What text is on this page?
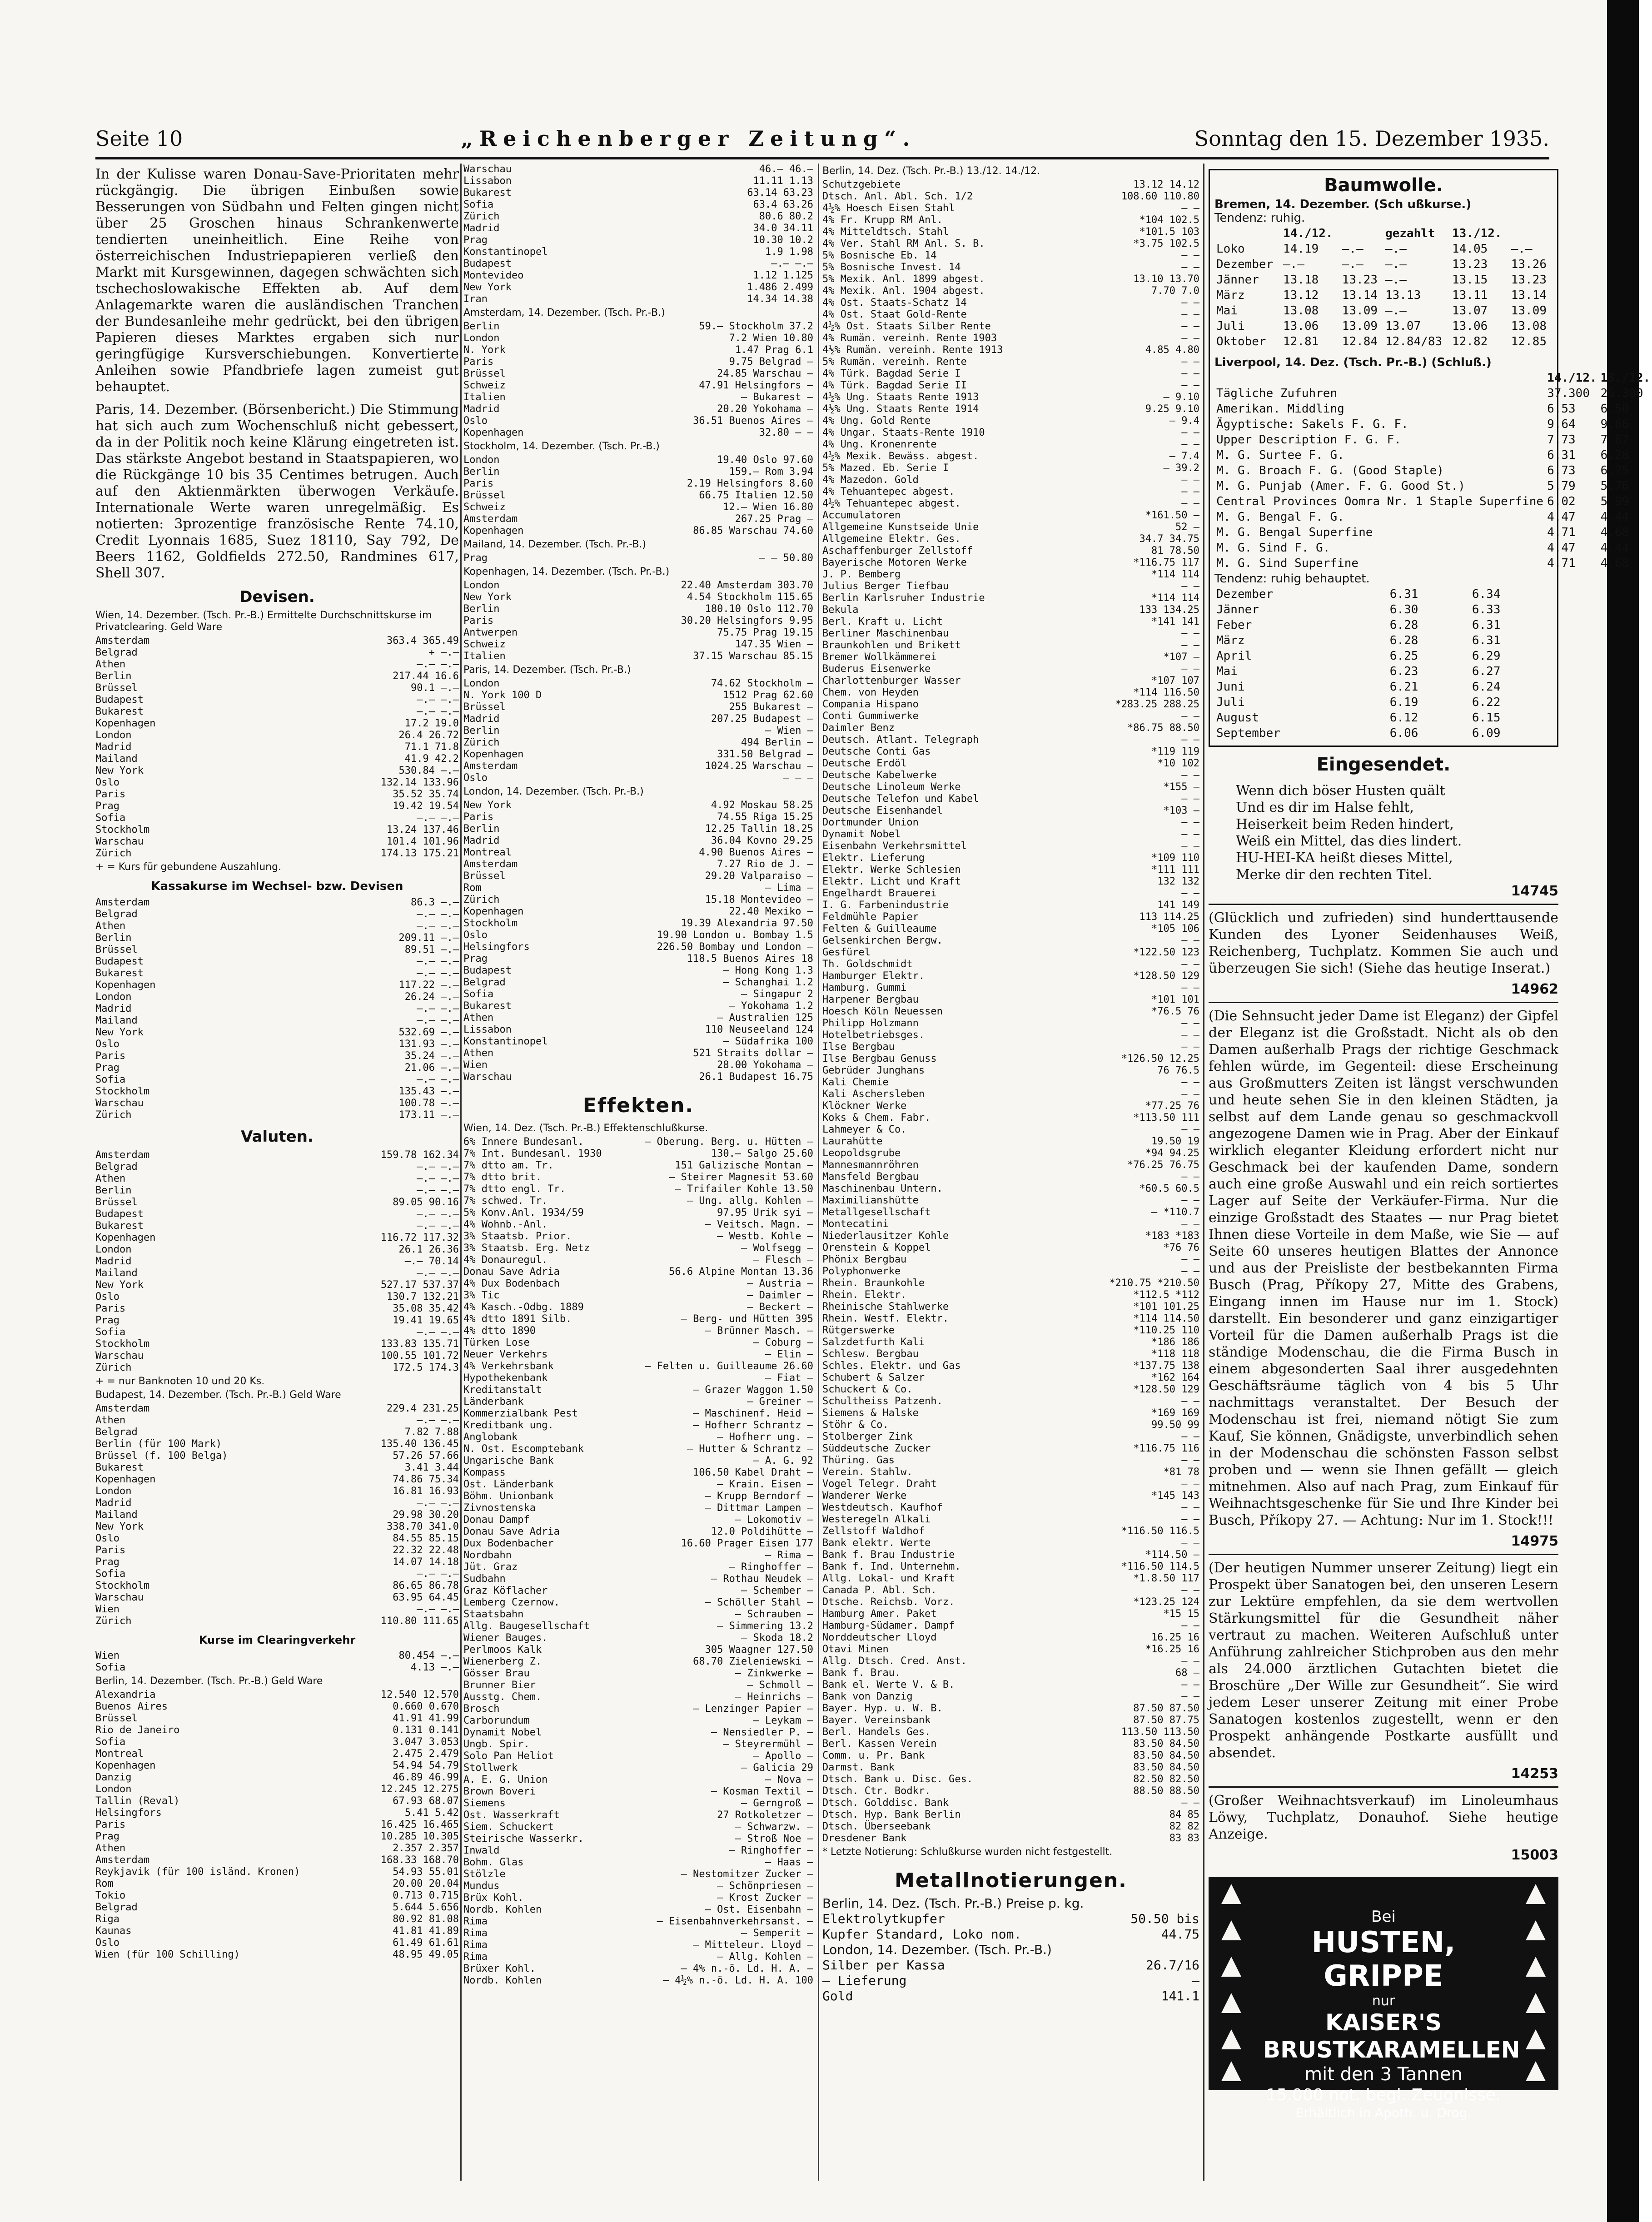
Seite 10	„Reichenberger Zeitung“.	Sonntag den 15. Dezember 1935.

In der Kulisse waren Donau-Save-Prioritaten mehr rückgängig. Die übrigen Einbußen sowie Besserungen von Südbahn und Felten gingen nicht über 25 Groschen hinaus Schrankenwerte tendierten uneinheitlich. Eine Reihe von österreichischen Industriepapieren verließ den Markt mit Kursgewinnen, dagegen schwächten sich tschechoslowakische Effekten ab. Auf dem Anlagemarkte waren die ausländischen Tranchen der Bundesanleihe mehr gedrückt, bei den übrigen Papieren dieses Marktes ergaben sich nur geringfügige Kursverschiebungen. Konvertierte Anleihen sowie Pfandbriefe lagen zumeist gut behauptet.

Paris, 14. Dezember. (Börsenbericht.) Die Stimmung hat sich auch zum Wochenschluß nicht gebessert, da in der Politik noch keine Klärung eingetreten ist. Das stärkste Angebot bestand in Staatspapieren, wo die Rückgänge 10 bis 35 Centimes betrugen. Auch auf den Aktienmärkten überwogen Verkäufe. Internationale Werte waren unregelmäßig. Es notierten: 3prozentige französische Rente 74.10, Credit Lyonnais 1685, Suez 18110, Say 792, De Beers 1162, Goldfields 272.50, Randmines 617, Shell 307.

Devisen.
Wien, 14. Dezember. (Tsch. Pr.-B.) Ermittelte Durchschnittskurse im Privatclearing. Geld Ware
Amsterdam	363.4 365.49
Belgrad	+ —.—
Athen	—.— —.—
Berlin	217.44 16.6
Brüssel	90.1 —.—
Budapest	—.— —.—
Bukarest	—.— —.—
Kopenhagen	17.2 19.0
London	26.4 26.72
Madrid	71.1 71.8
Mailand	41.9 42.2
New York	530.84 —.—
Oslo	132.14 133.96
Paris	35.52 35.74
Prag	19.42 19.54
Sofia	—.— —.—
Stockholm	13.24 137.46
Warschau	101.4 101.96
Zürich	174.13 175.21
+ = Kurs für gebundene Auszahlung.
Kassakurse im Wechsel- bzw. Devisen
Amsterdam	86.3 —.—
Belgrad	—.— —.—
Athen	—.— —.—
Berlin	209.11 —.—
Brüssel	89.51 —.—
Budapest	—.— —.—
Bukarest	—.— —.—
Kopenhagen	117.22 —.—
London	26.24 —.—
Madrid	—.— —.—
Mailand	—.— —.—
New York	532.69 —.—
Oslo	131.93 —.—
Paris	35.24 —.—
Prag	21.06 —.—
Sofia	—.— —.—
Stockholm	135.43 —.—
Warschau	100.78 —.—
Zürich	173.11 —.—
Valuten.
Amsterdam	159.78 162.34
Belgrad	—.— —.—
Athen	—.— —.—
Berlin	—.— —.—
Brüssel	89.05 90.16
Budapest	—.— —.—
Bukarest	—.— —.—
Kopenhagen	116.72 117.32
London	26.1 26.36
Madrid	—.— 70.14
Mailand	—.— —.—
New York	527.17 537.37
Oslo	130.7 132.21
Paris	35.08 35.42
Prag	19.41 19.65
Sofia	—.— —.—
Stockholm	133.83 135.71
Warschau	100.55 101.72
Zürich	172.5 174.3
+ = nur Banknoten 10 und 20 Ks.
Budapest, 14. Dezember. (Tsch. Pr.-B.) Geld Ware
Amsterdam	229.4 231.25
Athen	—.— —.—
Belgrad	7.82 7.88
Berlin (für 100 Mark)	135.40 136.45
Brüssel (f. 100 Belga)	57.26 57.66
Bukarest	3.41 3.44
Kopenhagen	74.86 75.34
London	16.81 16.93
Madrid	—.— —.—
Mailand	29.98 30.20
New York	338.70 341.0
Oslo	84.55 85.15
Paris	22.32 22.48
Prag	14.07 14.18
Sofia	—.— —.—
Stockholm	86.65 86.78
Warschau	63.95 64.45
Wien	—.— —.—
Zürich	110.80 111.65
Kurse im Clearingverkehr
Wien	80.454 —.—
Sofia	4.13 —.—
Berlin, 14. Dezember. (Tsch. Pr.-B.) Geld Ware
Alexandria	12.540 12.570
Buenos Aires	0.660 0.670
Brüssel	41.91 41.99
Rio de Janeiro	0.131 0.141
Sofia	3.047 3.053
Montreal	2.475 2.479
Kopenhagen	54.94 54.79
Danzig	46.89 46.99
London	12.245 12.275
Tallin (Reval)	67.93 68.07
Helsingfors	5.41 5.42
Paris	16.425 16.465
Prag	10.285 10.305
Athen	2.357 2.357
Amsterdam	168.33 168.70
Reykjavik (für 100 isländ. Kronen)	54.93 55.01
Rom	20.00 20.04
Tokio	0.713 0.715
Belgrad	5.644 5.656
Riga	80.92 81.08
Kaunas	41.81 41.89
Oslo	61.49 61.61
Wien (für 100 Schilling)	48.95 49.05
Warschau	46.— 46.—
Lissabon	11.11 1.13
Bukarest	63.14 63.23
Sofia	63.4 63.26
Zürich	80.6 80.2
Madrid	34.0 34.11
Prag	10.30 10.2
Konstantinopel	1.9 1.98
Budapest	—.— —.—
Montevideo	1.12 1.125
New York	1.486 2.499
Iran	14.34 14.38
Amsterdam, 14. Dezember. (Tsch. Pr.-B.)
Berlin	59.— Stockholm 37.2
London	7.2 Wien 10.80
N. York	1.47 Prag 6.1
Paris	9.75 Belgrad —
Brüssel	24.85 Warschau —
Schweiz	47.91 Helsingfors —
Italien	— Bukarest —
Madrid	20.20 Yokohama —
Oslo	36.51 Buenos Aires —
Kopenhagen	32.80 — —
Stockholm, 14. Dezember. (Tsch. Pr.-B.)
London	19.40 Oslo 97.60
Berlin	159.— Rom 3.94
Paris	2.19 Helsingfors 8.60
Brüssel	66.75 Italien 12.50
Schweiz	12.— Wien 16.80
Amsterdam	267.25 Prag —
Kopenhagen	86.85 Warschau 74.60
Mailand, 14. Dezember. (Tsch. Pr.-B.)
Prag	— — 50.80
Kopenhagen, 14. Dezember. (Tsch. Pr.-B.)
London	22.40 Amsterdam 303.70
New York	4.54 Stockholm 115.65
Berlin	180.10 Oslo 112.70
Paris	30.20 Helsingfors 9.95
Antwerpen	75.75 Prag 19.15
Schweiz	147.35 Wien —
Italien	37.15 Warschau 85.15
Paris, 14. Dezember. (Tsch. Pr.-B.)
London	74.62 Stockholm —
N. York 100 D	1512 Prag 62.60
Brüssel	255 Bukarest —
Madrid	207.25 Budapest —
Berlin	— Wien —
Zürich	494 Berlin —
Kopenhagen	331.50 Belgrad —
Amsterdam	1024.25 Warschau —
Oslo	— — —
London, 14. Dezember. (Tsch. Pr.-B.)
New York	4.92 Moskau 58.25
Paris	74.55 Riga 15.25
Berlin	12.25 Tallin 18.25
Madrid	36.04 Kovno 29.25
Montreal	4.90 Buenos Aires —
Amsterdam	7.27 Rio de J. —
Brüssel	29.20 Valparaiso —
Rom	— Lima —
Zürich	15.18 Montevideo —
Kopenhagen	22.40 Mexiko —
Stockholm	19.39 Alexandria 97.50
Oslo	19.90 London u. Bombay 1.5
Helsingfors	226.50 Bombay und London —
Prag	118.5 Buenos Aires 18
Budapest	— Hong Kong 1.3
Belgrad	— Schanghai 1.2
Sofia	— Singapur 2
Bukarest	— Yokohama 1.2
Athen	— Australien 125
Lissabon	110 Neuseeland 124
Konstantinopel	— Südafrika 100
Athen	521 Straits dollar —
Wien	28.00 Yokohama —
Warschau	26.1 Budapest 16.75
Effekten.
Wien, 14. Dez. (Tsch. Pr.-B.) Effektenschlußkurse.
6% Innere Bundesanl.	— Oberung. Berg. u. Hütten —
7% Int. Bundesanl. 1930	130.— Salgo 25.60
7% dtto am. Tr.	151 Galizische Montan —
7% dtto brit.	— Steirer Magnesit 53.60
7% dtto engl. Tr.	— Trifailer Kohle 13.50
7% schwed. Tr.	— Ung. allg. Kohlen —
5% Konv.Anl. 1934/59	97.95 Urik syi —
4% Wohnb.-Anl.	— Veitsch. Magn. —
3% Staatsb. Prior.	— Westb. Kohle —
3% Staatsb. Erg. Netz	— Wolfsegg —
4% Donauregul.	— Flesch —
Donau Save Adria	56.6 Alpine Montan 13.36
4% Dux Bodenbach	— Austria —
3% Tic	— Daimler —
4% Kasch.-Odbg. 1889	— Beckert —
4% dtto 1891 Silb.	— Berg- und Hütten 395
4% dtto 1890	— Brünner Masch. —
Türken Lose	— Coburg —
Neuer Verkehrs	— Elin —
4% Verkehrsbank	— Felten u. Guilleaume 26.60
Hypothekenbank	— Fiat —
Kreditanstalt	— Grazer Waggon 1.50
Länderbank	— Greiner —
Kommerzialbank Pest	— Maschinenf. Heid —
Kreditbank ung.	— Hofherr Schrantz —
Anglobank	— Hofherr ung. —
N. Ost. Escomptebank	— Hutter & Schrantz —
Ungarische Bank	— A. G. 92
Kompass	106.50 Kabel Draht —
Ost. Länderbank	— Krain. Eisen —
Böhm. Unionbank	— Krupp Berndorf —
Zivnostenska	— Dittmar Lampen —
Donau Dampf	— Lokomotiv —
Donau Save Adria	12.0 Poldihütte —
Dux Bodenbacher	16.60 Prager Eisen 177
Nordbahn	— Rima —
Jüt. Graz	— Ringhoffer —
Sudbahn	— Rothau Neudek —
Graz Köflacher	— Schember —
Lemberg Czernow.	— Schöller Stahl —
Staatsbahn	— Schrauben —
Allg. Baugesellschaft	— Simmering 13.2
Wiener Bauges.	— Skoda 18.2
Perlmoos Kalk	305 Waagner 127.50
Wienerberg Z.	68.70 Zieleniewski —
Gösser Brau	— Zinkwerke —
Brunner Bier	— Schmoll —
Ausstg. Chem.	— Heinrichs —
Brosch	— Lenzinger Papier —
Carborundum	— Leykam —
Dynamit Nobel	— Nensiedler P. —
Ungb. Spir.	— Steyrermühl —
Solo Pan Heliot	— Apollo —
Stollwerk	— Galicia 29
A. E. G. Union	— Nova —
Brown Boveri	— Kosman Textil —
Siemens	— Gerngroß —
Ost. Wasserkraft	27 Rotkoletzer —
Siem. Schuckert	— Schwarzw. —
Steirische Wasserkr.	— Stroß Noe —
Inwald	— Ringhoffer —
Bohm. Glas	— Haas —
Stölzle	— Nestomitzer Zucker —
Mundus	— Schönpriesen —
Brüx Kohl.	— Krost Zucker —
Nordb. Kohlen	— Ost. Eisenbahn —
Rima	— Eisenbahnverkehrsanst. —
Rima	— Semperit —
Rima	— Mitteleur. Lloyd —
Rima	— Allg. Kohlen —
Brüxer Kohl.	— 4% n.-ö. Ld. H. A. —
Nordb. Kohlen	— 4½% n.-ö. Ld. H. A. 100
Berlin, 14. Dez. (Tsch. Pr.-B.) 13./12. 14./12.
Schutzgebiete	13.12 14.12
Dtsch. Anl. Abl. Sch. 1/2	108.60 110.80
4½% Hoesch Eisen Stahl	— —
4% Fr. Krupp RM Anl.	*104 102.5
4% Mitteldtsch. Stahl	*101.5 103
4% Ver. Stahl RM Anl. S. B.	*3.75 102.5
5% Bosnische Eb. 14	— —
5% Bosnische Invest. 14	— —
5% Mexik. Anl. 1899 abgest.	13.10 13.70
4% Mexik. Anl. 1904 abgest.	7.70 7.0
4% Ost. Staats-Schatz 14	— —
4% Ost. Staat Gold-Rente	— —
4½% Ost. Staats Silber Rente	— —
4% Rumän. vereinh. Rente 1903	— —
4½% Rumän. vereinh. Rente 1913	4.85 4.80
5% Rumän. vereinh. Rente	— —
4% Türk. Bagdad Serie I	— —
4% Türk. Bagdad Serie II	— —
4½% Ung. Staats Rente 1913	— 9.10
4½% Ung. Staats Rente 1914	9.25 9.10
4% Ung. Gold Rente	— 9.4
4% Ungar. Staats-Rente 1910	— —
4% Ung. Kronenrente	— —
4½% Mexik. Bewäss. abgest.	— 7.4
5% Mazed. Eb. Serie I	— 39.2
4% Mazedon. Gold	— —
4% Tehuantepec abgest.	— —
4½% Tehuantepec abgest.	— —
Accumulatoren	*161.50 —
Allgemeine Kunstseide Unie	52 —
Allgemeine Elektr. Ges.	34.7 34.75
Aschaffenburger Zellstoff	81 78.50
Bayerische Motoren Werke	*116.75 117
J. P. Bemberg	*114 114
Julius Berger Tiefbau	— —
Berlin Karlsruher Industrie	*114 114
Bekula	133 134.25
Berl. Kraft u. Licht	*141 141
Berliner Maschinenbau	— —
Braunkohlen und Brikett	— —
Bremer Wollkämmerei	*107 —
Buderus Eisenwerke	— —
Charlottenburger Wasser	*107 107
Chem. von Heyden	*114 116.50
Compania Hispano	*283.25 288.25
Conti Gummiwerke	— —
Daimler Benz	*86.75 88.50
Deutsch. Atlant. Telegraph	— —
Deutsche Conti Gas	*119 119
Deutsche Erdöl	*10 102
Deutsche Kabelwerke	— —
Deutsche Linoleum Werke	*155 —
Deutsche Telefon und Kabel	— —
Deutsche Eisenhandel	*103 —
Dortmunder Union	— —
Dynamit Nobel	— —
Eisenbahn Verkehrsmittel	— —
Elektr. Lieferung	*109 110
Elektr. Werke Schlesien	*111 111
Elektr. Licht und Kraft	132 132
Engelhardt Brauerei	— —
I. G. Farbenindustrie	141 149
Feldmühle Papier	113 114.25
Felten & Guilleaume	*105 106
Gelsenkirchen Bergw.	— —
Gesfürel	*122.50 123
Th. Goldschmidt	— —
Hamburger Elektr.	*128.50 129
Hamburg. Gummi	— —
Harpener Bergbau	*101 101
Hoesch Köln Neuessen	*76.5 76
Philipp Holzmann	— —
Hotelbetriebsges.	— —
Ilse Bergbau	— —
Ilse Bergbau Genuss	*126.50 12.25
Gebrüder Junghans	76 76.5
Kali Chemie	— —
Kali Aschersleben	— —
Klöckner Werke	*77.25 76
Koks & Chem. Fabr.	*113.50 111
Lahmeyer & Co.	— —
Laurahütte	19.50 19
Leopoldsgrube	*94 94.25
Mannesmannröhren	*76.25 76.75
Mansfeld Bergbau	— —
Maschinenbau Untern.	*60.5 60.5
Maximilianshütte	— —
Metallgesellschaft	— *110.7
Montecatini	— —
Niederlausitzer Kohle	*183 *183
Orenstein & Koppel	*76 76
Phönix Bergbau	— —
Polyphonwerke	— —
Rhein. Braunkohle	*210.75 *210.50
Rhein. Elektr.	*112.5 *112
Rheinische Stahlwerke	*101 101.25
Rhein. Westf. Elektr.	*114 114.50
Rütgerswerke	*110.25 110
Salzdetfurth Kali	*186 186
Schlesw. Bergbau	*118 118
Schles. Elektr. und Gas	*137.75 138
Schubert & Salzer	*162 164
Schuckert & Co.	*128.50 129
Schultheiss Patzenh.	— —
Siemens & Halske	*169 169
Stöhr & Co.	99.50 99
Stolberger Zink	— —
Süddeutsche Zucker	*116.75 116
Thüring. Gas	— —
Verein. Stahlw.	*81 78
Vogel Telegr. Draht	— —
Wanderer Werke	*145 143
Westdeutsch. Kaufhof	— —
Westeregeln Alkali	— —
Zellstoff Waldhof	*116.50 116.5
Bank elektr. Werte	— —
Bank f. Brau Industrie	*114.50 —
Bank f. Ind. Unternehm.	*116.50 114.5
Allg. Lokal- und Kraft	*1.8.50 117
Canada P. Abl. Sch.	— —
Dtsche. Reichsb. Vorz.	*123.25 124
Hamburg Amer. Paket	*15 15
Hamburg-Südamer. Dampf	— —
Norddeutscher Lloyd	16.25 16
Otavi Minen	*16.25 16
Allg. Dtsch. Cred. Anst.	— —
Bank f. Brau.	68 —
Bank el. Werte V. & B.	— —
Bank von Danzig	— —
Bayer. Hyp. u. W. B.	87.50 87.50
Bayer. Vereinsbank	87.50 87.75
Berl. Handels Ges.	113.50 113.50
Berl. Kassen Verein	83.50 84.50
Comm. u. Pr. Bank	83.50 84.50
Darmst. Bank	83.50 84.50
Dtsch. Bank u. Disc. Ges.	82.50 82.50
Dtsch. Ctr. Bodkr.	88.50 88.50
Dtsch. Golddisc. Bank	— —
Dtsch. Hyp. Bank Berlin	84 85
Dtsch. Überseebank	82 82
Dresdener Bank	83 83
* Letzte Notierung: Schlußkurse wurden nicht festgestellt.
Metallnotierungen.
Berlin, 14. Dez. (Tsch. Pr.-B.) Preise p. kg.
Elektrolytkupfer	50.50 bis
Kupfer Standard, Loko nom.	44.75
London, 14. Dezember. (Tsch. Pr.-B.)
Silber per Kassa	26.7/16
— Lieferung	—
Gold	141.1
Baumwolle.
Bremen, 14. Dezember. (Sch ußkurse.)
Tendenz: ruhig.
	14./12.		gezahlt	13./12.	
Loko	14.19	—.—	—.—	14.05	—.—
Dezember	—.—	—.—	—.—	13.23	13.26
Jänner	13.18	13.23	—.—	13.15	13.23
März	13.12	13.14	13.13	13.11	13.14
Mai	13.08	13.09	—.—	13.07	13.09
Juli	13.06	13.09	13.07	13.06	13.08
Oktober	12.81	12.84	12.84/83	12.82	12.85
Liverpool, 14. Dez. (Tsch. Pr.-B.) (Schluß.)
	14./12.	13./12.
Tägliche Zufuhren	37.300	26.300
Amerikan. Middling	6.53	6.50
Ägyptische: Sakels F. G. F.	9.64	9.66
Upper Description F. G. F.	7.73	7.67
M. G. Surtee F. G.	6.31	6.28
M. G. Broach F. G. (Good Staple)	6.73	6.75
M. G. Punjab (Amer. F. G. Good St.)	5.79	5.76
Central Provinces Oomra Nr. 1 Staple Superfine	6.02	5.99
M. G. Bengal F. G.	4.47	4.44
M. G. Bengal Superfine	4.71	4.68
M. G. Sind F. G.	4.47	4.44
M. G. Sind Superfine	4.71	4.68
Tendenz: ruhig behauptet.
Dezember	6.31	6.34
Jänner	6.30	6.33
Feber	6.28	6.31
März	6.28	6.31
April	6.25	6.29
Mai	6.23	6.27
Juni	6.21	6.24
Juli	6.19	6.22
August	6.12	6.15
September	6.06	6.09
Eingesendet.
Wenn dich böser Husten quält
Und es dir im Halse fehlt,
Heiserkeit beim Reden hindert,
Weiß ein Mittel, das dies lindert.
HU-HEI-KA heißt dieses Mittel,
Merke dir den rechten Titel.
14745

(Glücklich und zufrieden) sind hunderttausende Kunden des Lyoner Seidenhauses Weiß, Reichenberg, Tuchplatz. Kommen Sie auch und überzeugen Sie sich! (Siehe das heutige Inserat.)

14962

(Die Sehnsucht jeder Dame ist Eleganz) der Gipfel der Eleganz ist die Großstadt. Nicht als ob den Damen außerhalb Prags der richtige Geschmack fehlen würde, im Gegenteil: diese Erscheinung aus Großmutters Zeiten ist längst verschwunden und heute sehen Sie in den kleinen Städten, ja selbst auf dem Lande genau so geschmackvoll angezogene Damen wie in Prag. Aber der Einkauf wirklich eleganter Kleidung erfordert nicht nur Geschmack bei der kaufenden Dame, sondern auch eine große Auswahl und ein reich sortiertes Lager auf Seite der Verkäufer-Firma. Nur die einzige Großstadt des Staates — nur Prag bietet Ihnen diese Vorteile in dem Maße, wie Sie — auf Seite 60 unseres heutigen Blattes der Annonce und aus der Preisliste der bestbekannten Firma Busch (Prag, Příkopy 27, Mitte des Grabens, Eingang innen im Hause nur im 1. Stock) darstellt. Ein besonderer und ganz einzigartiger Vorteil für die Damen außerhalb Prags ist die ständige Modenschau, die die Firma Busch in einem abgesonderten Saal ihrer ausgedehnten Geschäftsräume täglich von 4 bis 5 Uhr nachmittags veranstaltet. Der Besuch der Modenschau ist frei, niemand nötigt Sie zum Kauf, Sie können, Gnädigste, unverbindlich sehen in der Modenschau die schönsten Fasson selbst proben und — wenn sie Ihnen gefällt — gleich mitnehmen. Also auf nach Prag, zum Einkauf für Weihnachtsgeschenke für Sie und Ihre Kinder bei Busch, Příkopy 27. — Achtung: Nur im 1. Stock!!!

14975

(Der heutigen Nummer unserer Zeitung) liegt ein Prospekt über Sanatogen bei, den unseren Lesern zur Lektüre empfehlen, da sie dem wertvollen Stärkungsmittel für die Gesundheit näher vertraut zu machen. Weiteren Aufschluß unter Anführung zahlreicher Stichproben aus den mehr als 24.000 ärztlichen Gutachten bietet die Broschüre „Der Wille zur Gesundheit“. Sie wird jedem Leser unserer Zeitung mit einer Probe Sanatogen kostenlos zugestellt, wenn er den Prospekt anhängende Postkarte ausfüllt und absendet.

14253

(Großer Weihnachtsverkauf) im Linoleumhaus Löwy, Tuchplatz, Donauhof. Siehe heutige Anzeige.

15003
Bei
HUSTEN, GRIPPE
nur
KAISER'S BRUSTKARAMELLEN
mit den 3 Tannen
15.000 not. begl. Zeugnisse.
Erhältlich in Apoth. u. Drog.
